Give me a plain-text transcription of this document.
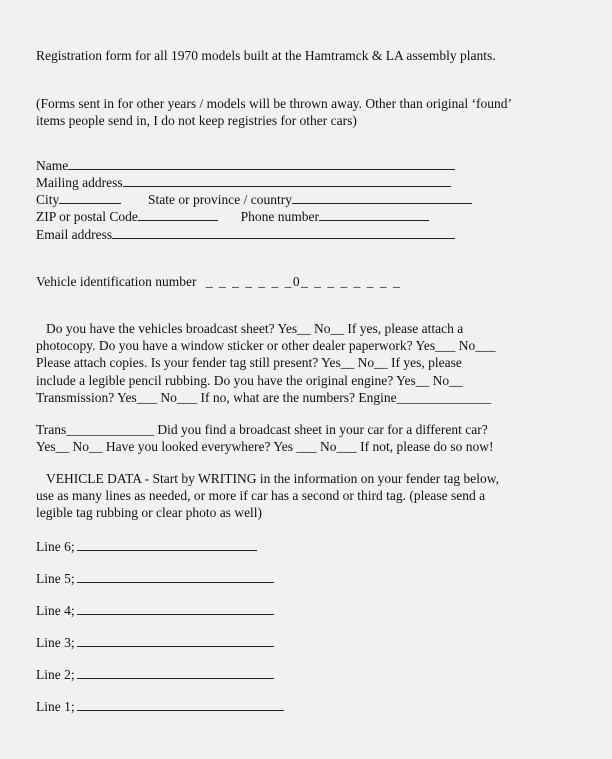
Registration form for all 1970 models built at the Hamtramck & LA assembly plants.
(Forms sent in for other years / models will be thrown away. Other than original ‘found’
items people send in, I do not keep registries for other cars)
Name
Mailing address
City	State or province / country
ZIP or postal Code	Phone number
Email address
Vehicle identification number _ _ _ _ _ _ _0_ _ _ _ _ _ _ _
Do you have the vehicles broadcast sheet? Yes__ No__ If yes, please attach a
photocopy. Do you have a window sticker or other dealer paperwork? Yes___ No___
Please attach copies. Is your fender tag still present? Yes__ No__ If yes, please
include a legible pencil rubbing. Do you have the original engine? Yes__ No__
Transmission? Yes___ No___ If no, what are the numbers? Engine______________
Trans_____________ Did you find a broadcast sheet in your car for a different car?
Yes__ No__ Have you looked everywhere? Yes ___ No___ If not, please do so now!
VEHICLE DATA - Start by WRITING in the information on your fender tag below,
use as many lines as needed, or more if car has a second or third tag. (please send a
legible tag rubbing or clear photo as well)
Line 6;
Line 5;
Line 4;
Line 3;
Line 2;
Line 1;
